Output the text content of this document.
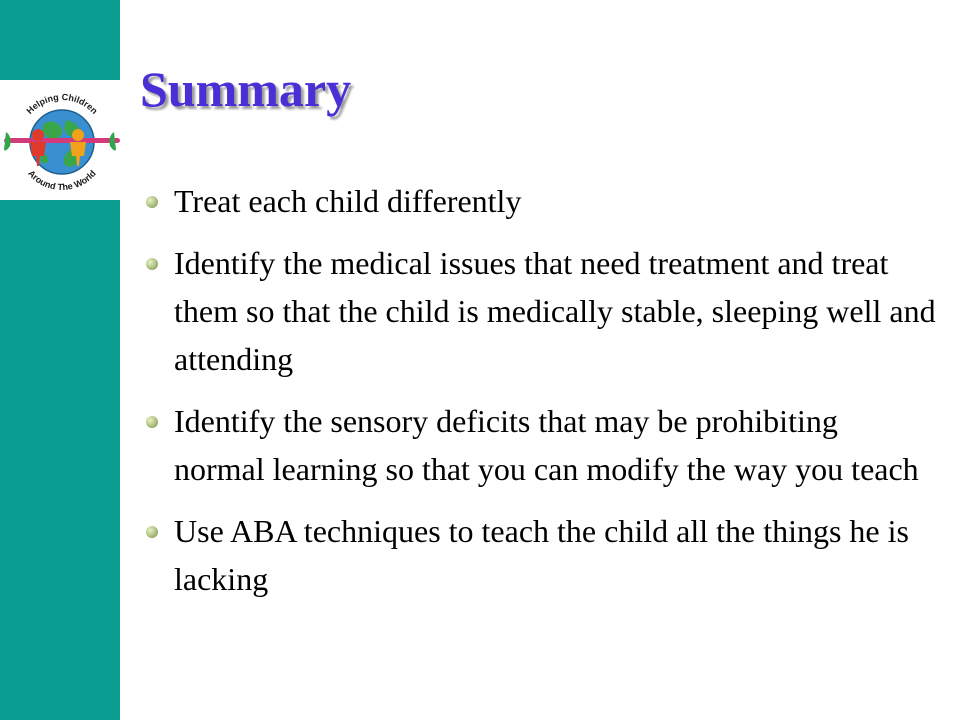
Helping Children
Around The World
Summary
Treat each child differently
Identify the medical issues that need treatment and treat them so that the child is medically stable, sleeping well and attending
Identify the sensory deficits that may be prohibiting normal learning so that you can modify the way you teach
Use ABA techniques to teach the child all the things he is lacking
